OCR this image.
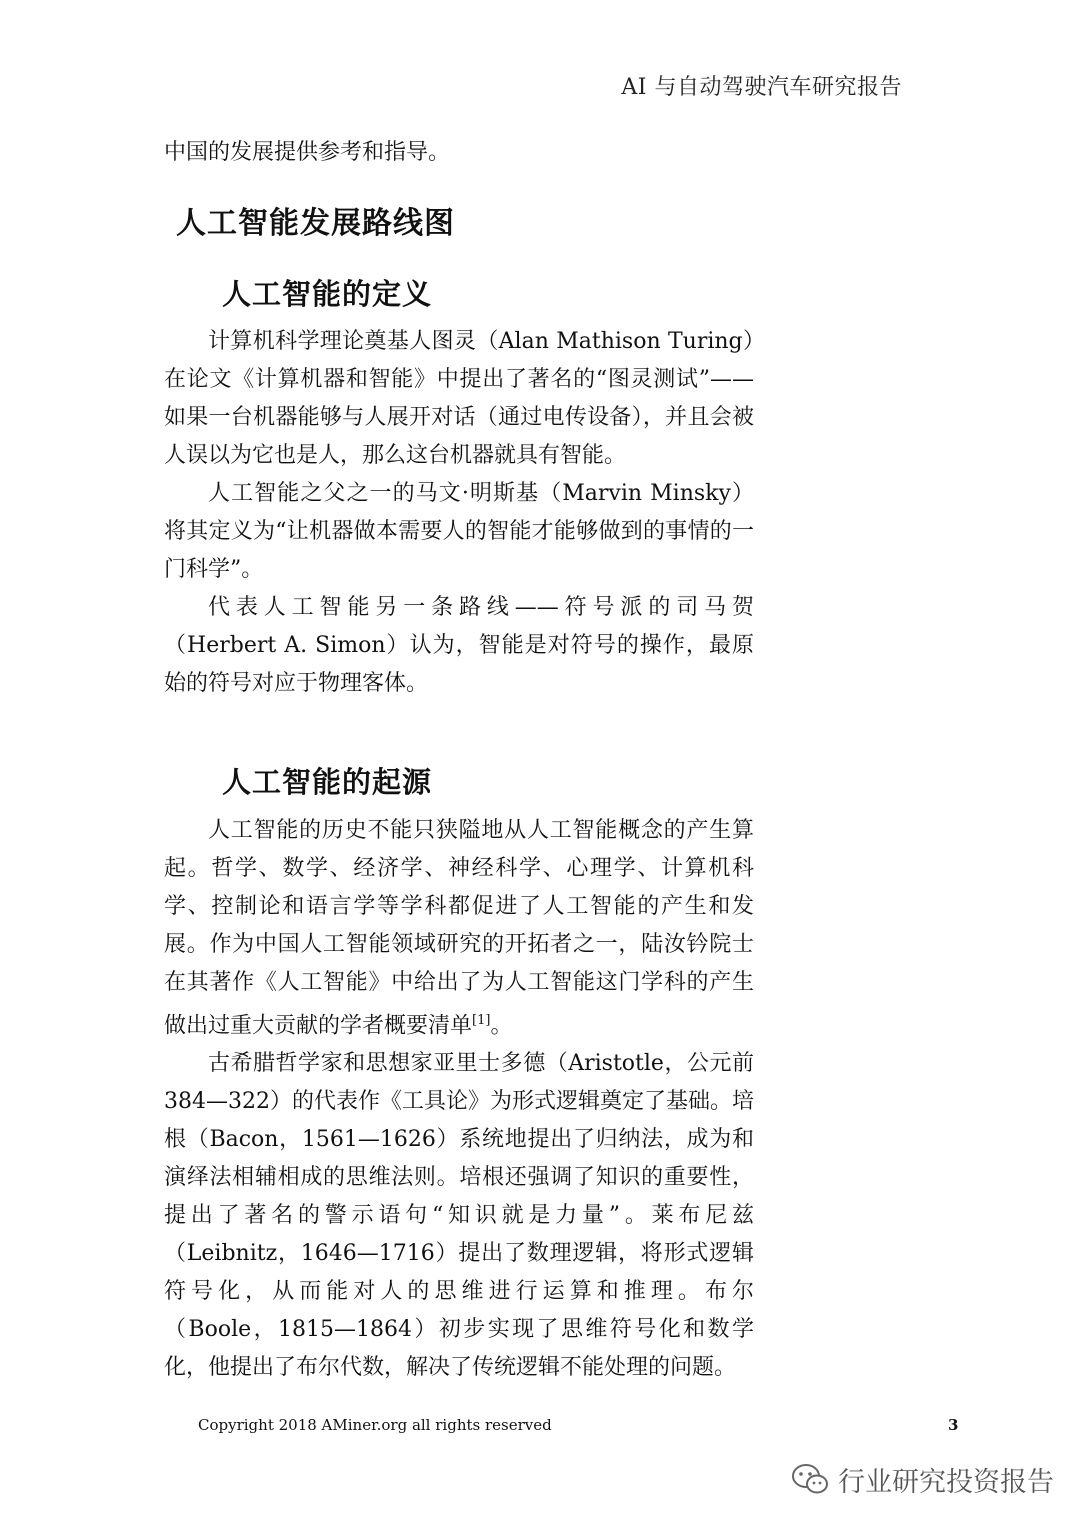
AI 与自动驾驶汽车研究报告
中国的发展提供参考和指导。
人工智能发展路线图
人工智能的定义

计算机科学理论奠基人图灵（Alan Mathison Turing）在论文《计算机器和智能》中提出了著名的“图灵测试”——如果一台机器能够与人展开对话（通过电传设备），并且会被人误以为它也是人，那么这台机器就具有智能。

人工智能之父之一的马文·明斯基（Marvin Minsky）将其定义为“让机器做本需要人的智能才能够做到的事情的一门科学”。

代表人工智能另一条路线——符号派的司马贺（Herbert A. Simon）认为，智能是对符号的操作，最原始的符号对应于物理客体。

人工智能的起源

人工智能的历史不能只狭隘地从人工智能概念的产生算起。哲学、数学、经济学、神经科学、心理学、计算机科学、控制论和语言学等学科都促进了人工智能的产生和发展。作为中国人工智能领域研究的开拓者之一，陆汝钤院士在其著作《人工智能》中给出了为人工智能这门学科的产生做出过重大贡献的学者概要清单[1]。

古希腊哲学家和思想家亚里士多德（Aristotle，公元前384—322）的代表作《工具论》为形式逻辑奠定了基础。培根（Bacon，1561—1626）系统地提出了归纳法，成为和演绎法相辅相成的思维法则。培根还强调了知识的重要性，提出了著名的警示语句“知识就是力量”。莱布尼兹（Leibnitz，1646—1716）提出了数理逻辑，将形式逻辑符号化，从而能对人的思维进行运算和推理。布尔（Boole，1815—1864）初步实现了思维符号化和数学化，他提出了布尔代数，解决了传统逻辑不能处理的问题。

Copyright 2018 AMiner.org all rights reserved	3
行业研究投资报告
